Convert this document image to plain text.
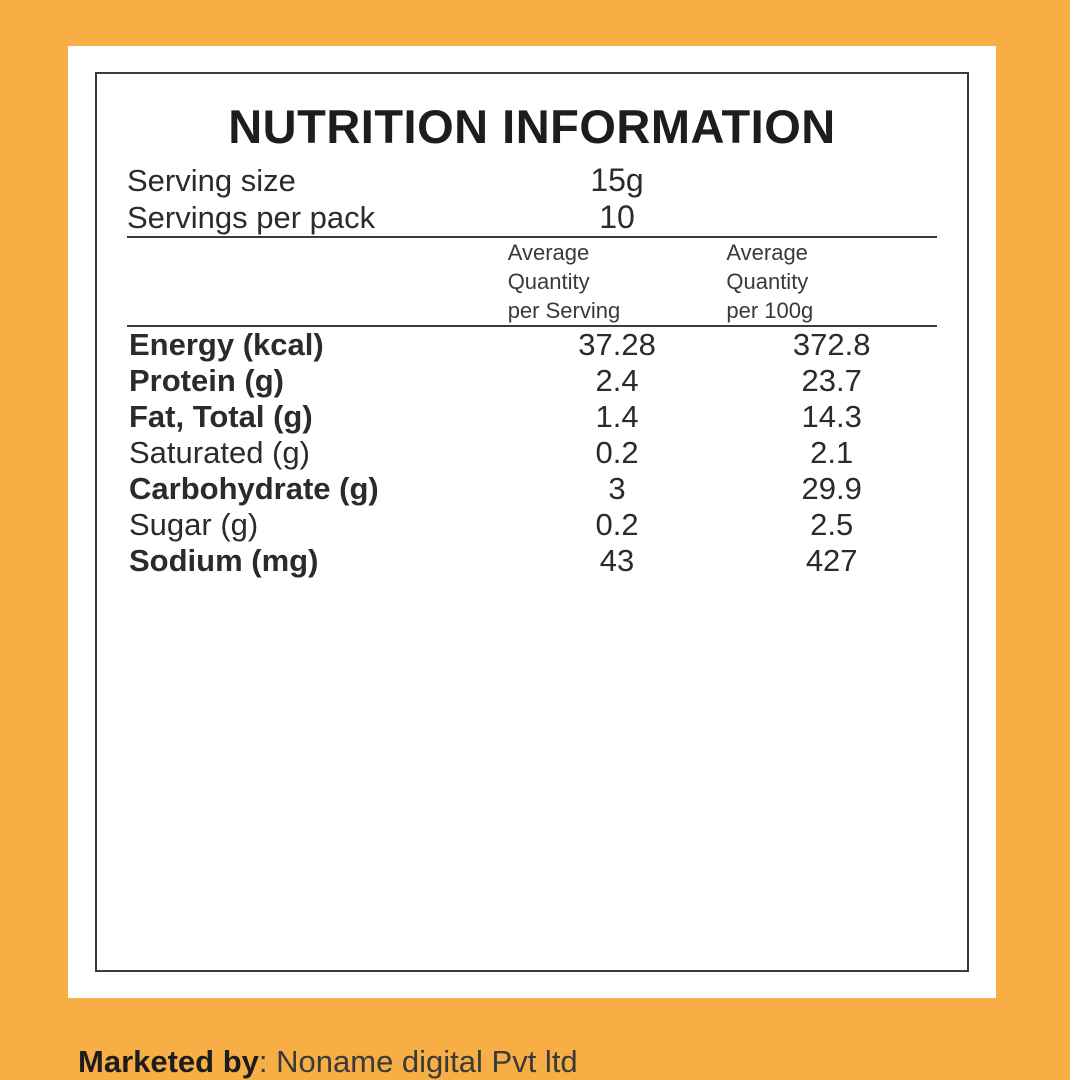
NUTRITION INFORMATION
Serving size	15g	
Servings per pack	10	

	Average
Quantity
per Serving	Average
Quantity
per 100g

Energy (kcal)	37.28	372.8
Protein (g)	2.4	23.7
Fat, Total (g)	1.4	14.3
Saturated (g)	0.2	2.1
Carbohydrate (g)	3	29.9
Sugar (g)	0.2	2.5
Sodium (mg)	43	427
Marketed by: Noname digital Pvt ltd
